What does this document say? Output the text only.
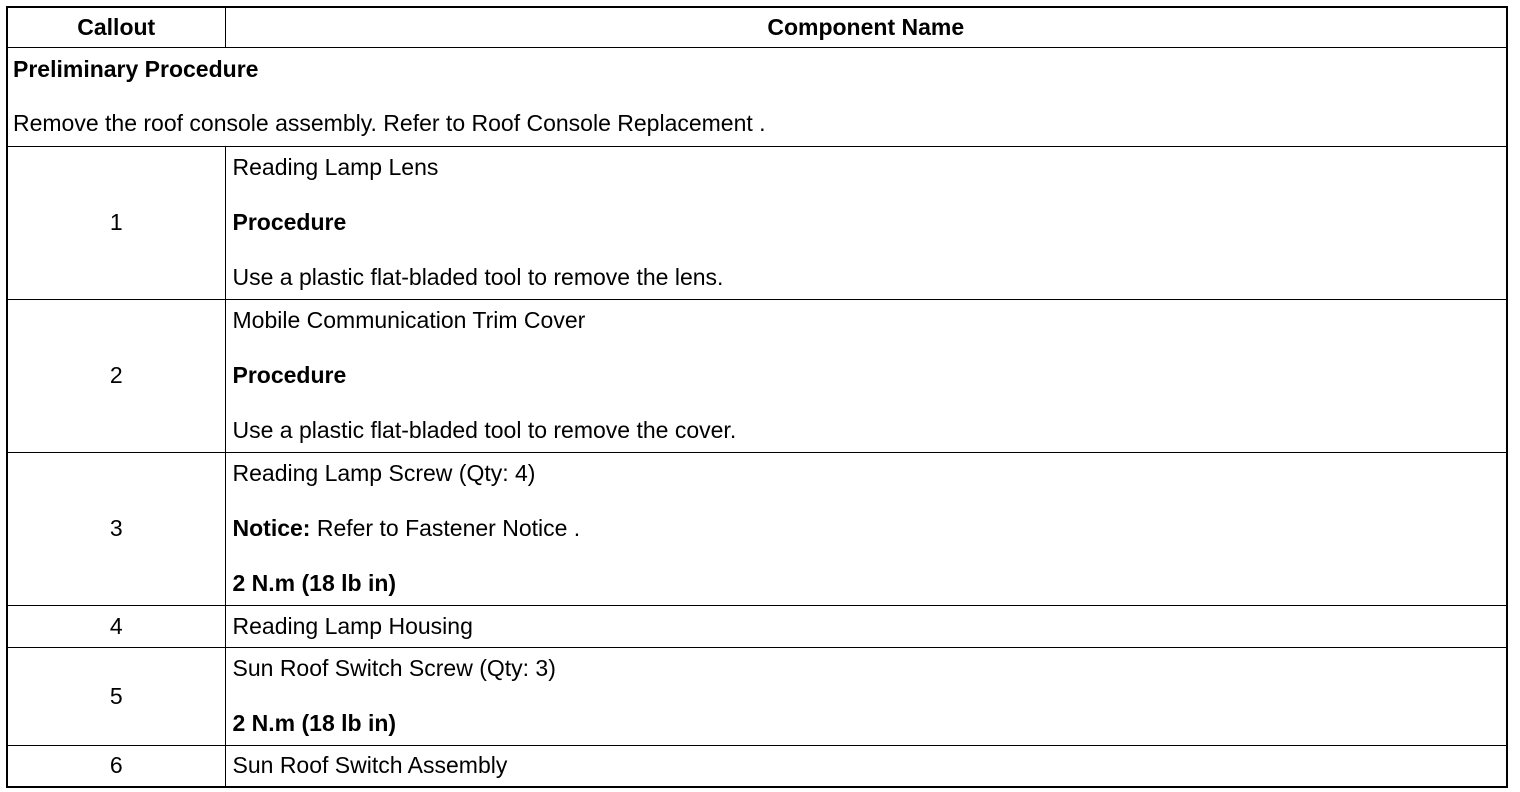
Callout	Component Name

Preliminary Procedure
Remove the roof console assembly. Refer to Roof Console Replacement .	

1	Reading Lamp Lens
Procedure
Use a plastic flat-bladed tool to remove the lens.

2	Mobile Communication Trim Cover
Procedure
Use a plastic flat-bladed tool to remove the cover.

3	Reading Lamp Screw (Qty: 4)
Notice: Refer to Fastener Notice .
2 N.m (18 lb in)

4	Reading Lamp Housing
5	Sun Roof Switch Screw (Qty: 3)
2 N.m (18 lb in)

6	Sun Roof Switch Assembly
